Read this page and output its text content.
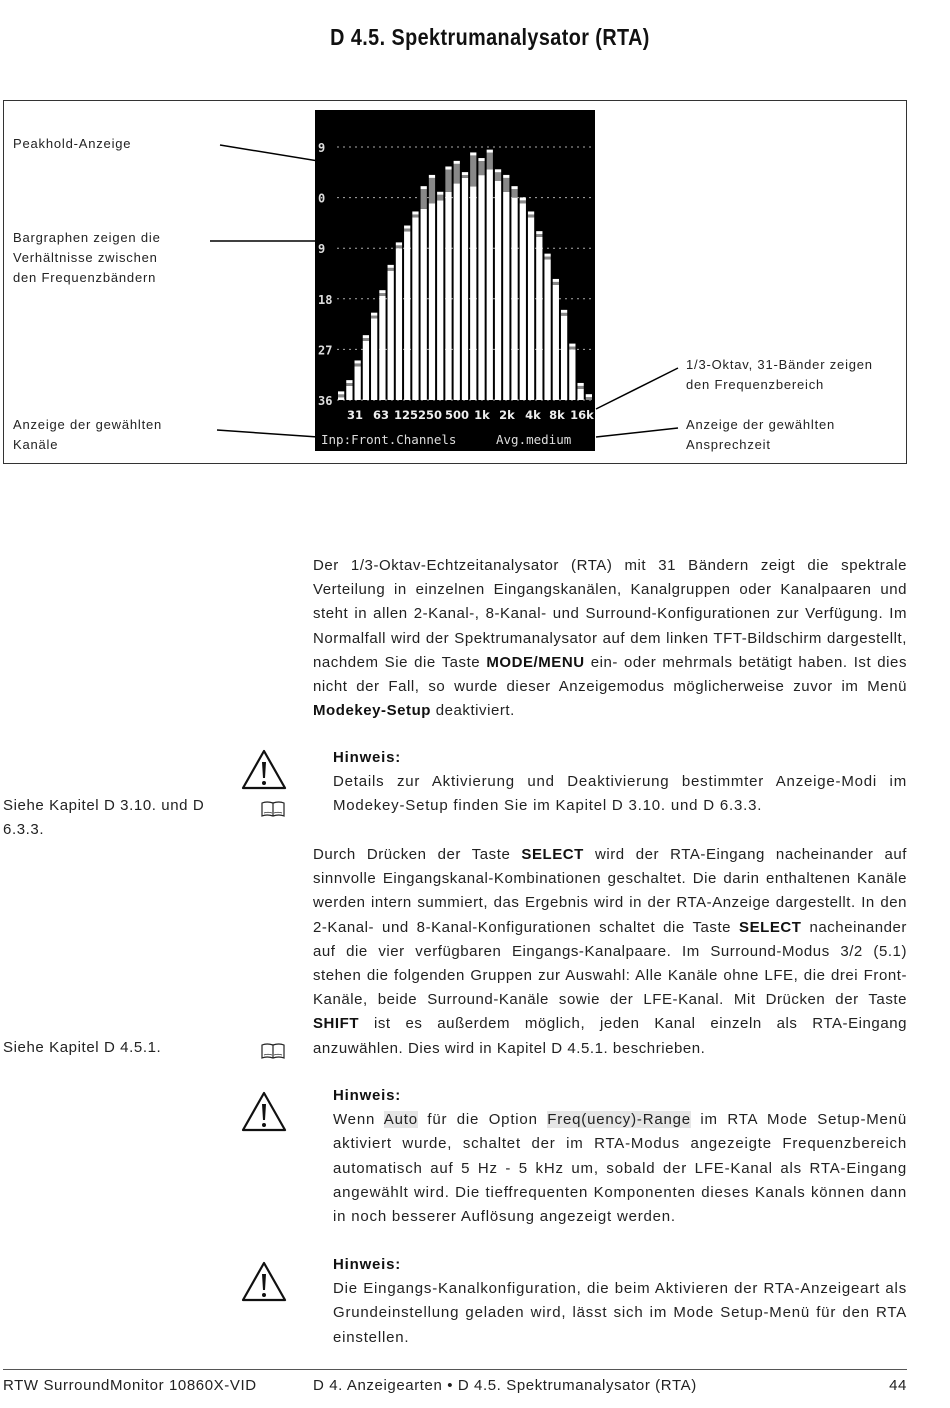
D 4.5. Spektrumanalysator (RTA)
Peakhold-Anzeige
Bargraphen zeigen die
Verhältnisse zwischen
den Frequenzbändern
Anzeige der gewählten
Kanäle
1/3-Oktav, 31-Bänder zeigen
den Frequenzbereich
Anzeige der gewählten
Ansprechzeit
9
0
9
18
27
36
31 63 125 250 500 1k 2k 4k 8k 16k
Inp:Front.Channels	Avg.medium
Der 1/3-Oktav-Echtzeitanalysator (RTA) mit 31 Bändern zeigt die spektrale Verteilung in einzelnen Eingangskanälen, Kanalgruppen oder Kanalpaaren und steht in allen 2-Kanal-, 8-Kanal- und Surround-Konfigurationen zur Verfügung. Im Normalfall wird der Spektrumanalysator auf dem linken TFT-Bildschirm dargestellt, nachdem Sie die Taste MODE/MENU ein- oder mehrmals betätigt haben. Ist dies nicht der Fall, so wurde dieser Anzeigemodus möglicherweise zuvor im Menü Modekey-Setup deaktiviert.
Hinweis:
Details zur Aktivierung und Deaktivierung bestimmter Anzeige-Modi im Modekey-Setup finden Sie im Kapitel D 3.10. und D 6.3.3.
Siehe Kapitel D 3.10. und D 6.3.3.
Durch Drücken der Taste SELECT wird der RTA-Eingang nacheinander auf sinnvolle Eingangskanal-Kombinationen geschaltet. Die darin enthaltenen Kanäle werden intern summiert, das Ergebnis wird in der RTA-Anzeige dargestellt. In den 2-Kanal- und 8-Kanal-Konfigurationen schaltet die Taste SELECT nacheinander auf die vier verfügbaren Eingangs-Kanalpaare. Im Surround-Modus 3/2 (5.1) stehen die folgenden Gruppen zur Auswahl: Alle Kanäle ohne LFE, die drei Front-Kanäle, beide Surround-Kanäle sowie der LFE-Kanal. Mit Drücken der Taste SHIFT ist es außerdem möglich, jeden Kanal einzeln als RTA-Eingang anzuwählen. Dies wird in Kapitel D 4.5.1. beschrieben.
Siehe Kapitel D 4.5.1.
Hinweis:
Wenn Auto für die Option Freq(uency)-Range im RTA Mode Setup-Menü aktiviert wurde, schaltet der im RTA-Modus angezeigte Frequenzbereich automatisch auf 5 Hz - 5 kHz um, sobald der LFE-Kanal als RTA-Eingang angewählt wird. Die tieffrequenten Komponenten dieses Kanals können dann in noch besserer Auflösung angezeigt werden.
Hinweis:
Die Eingangs-Kanalkonfiguration, die beim Aktivieren der RTA-Anzeigeart als Grundeinstellung geladen wird, lässt sich im Mode Setup-Menü für den RTA einstellen.
RTW SurroundMonitor 10860X-VID	D 4. Anzeigearten • D 4.5. Spektrumanalysator (RTA)	44
